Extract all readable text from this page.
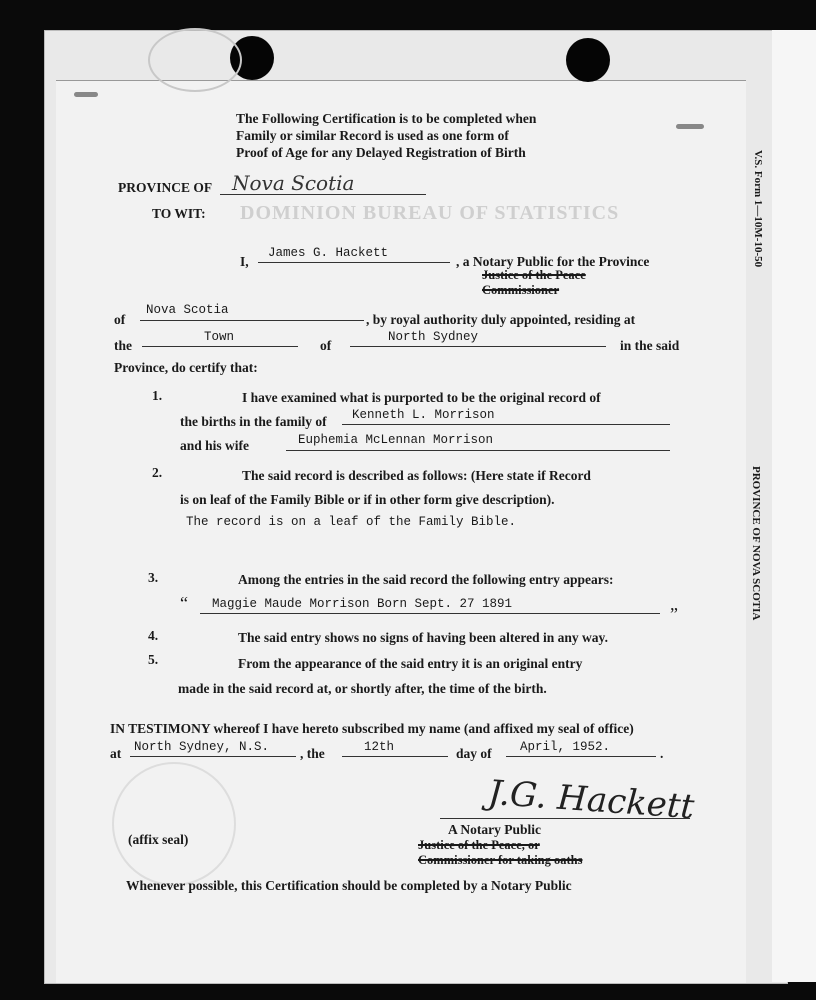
V.S. Form 1—10M-10-50
PROVINCE OF NOVA SCOTIA
DOMINION BUREAU OF STATISTICS
The Following Certification is to be completed when
Family or similar Record is used as one form of
Proof of Age for any Delayed Registration of Birth
PROVINCE OF Nova Scotia
TO WIT:
I,
James G. Hackett
, a Notary Public for the Province
Justice of the Peace
Commissioner
of
Nova Scotia
, by royal authority duly appointed, residing at
the
Town
of
North Sydney
in the said
Province, do certify that:
1.	I have examined what is purported to be the original record of
the births in the family of Kenneth L. Morrison
and his wife	Euphemia McLennan Morrison
2.	The said record is described as follows: (Here state if Record
is on leaf of the Family Bible or if in other form give description).
The record is on a leaf of the Family Bible.
3.	Among the entries in the said record the following entry appears:
“ Maggie Maude Morrison Born Sept. 27 1891	”
4.	The said entry shows no signs of having been altered in any way.
5.	From the appearance of the said entry it is an original entry
made in the said record at, or shortly after, the time of the birth.
IN TESTIMONY whereof I have hereto subscribed my name (and affixed my seal of office)
at North Sydney, N.S. , the	12th	day of April, 1952.	.
J.G. Hackett
(affix seal)
A Notary Public
Justice of the Peace, or
Commissioner for taking oaths
Whenever possible, this Certification should be completed by a Notary Public
